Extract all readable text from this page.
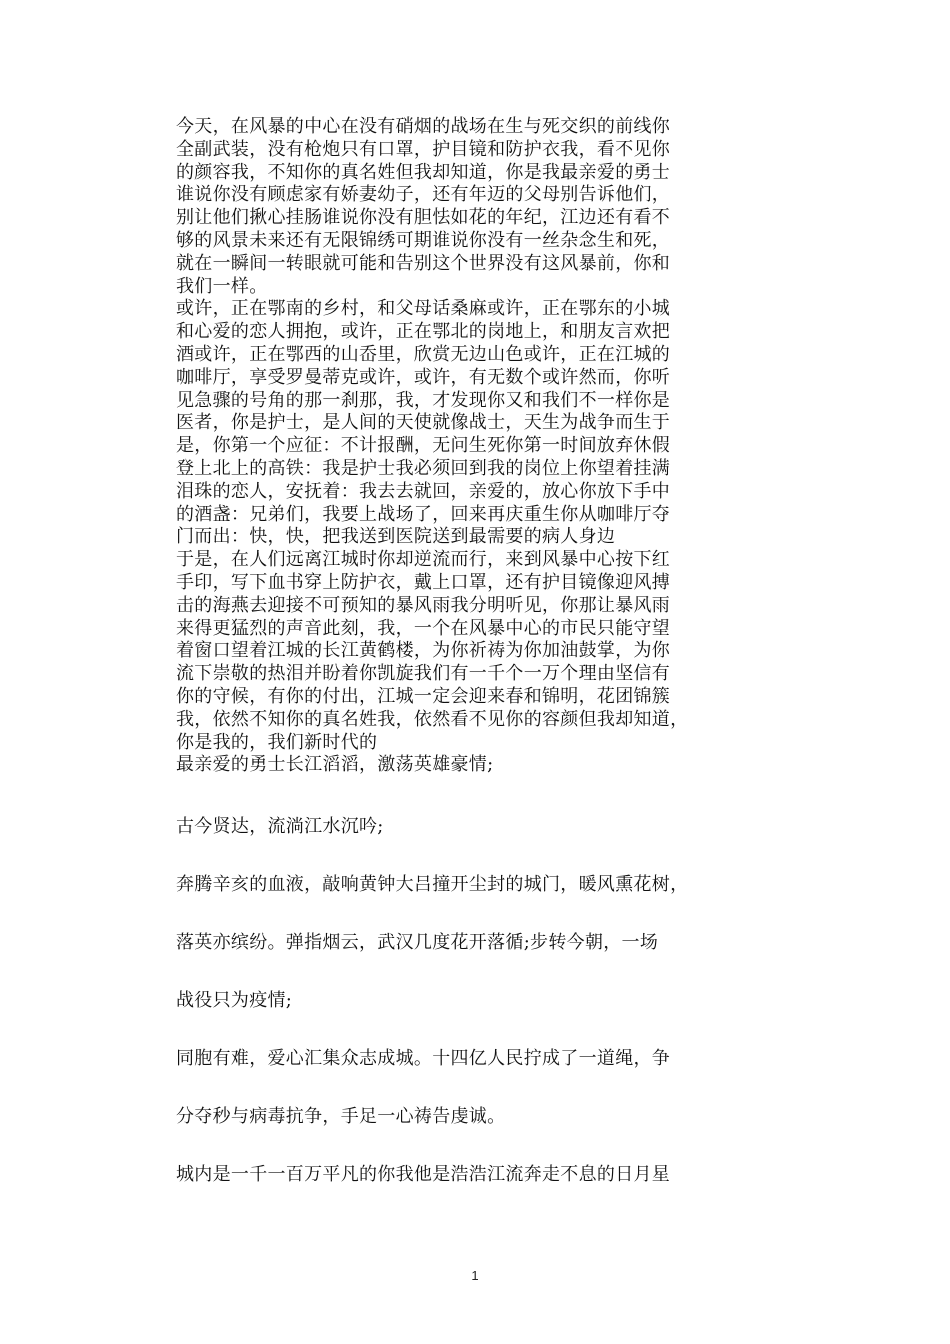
今天，在风暴的中心在没有硝烟的战场在生与死交织的前线你
全副武装，没有枪炮只有口罩，护目镜和防护衣我，看不见你
的颜容我，不知你的真名姓但我却知道，你是我最亲爱的勇士
谁说你没有顾虑家有娇妻幼子，还有年迈的父母别告诉他们，
别让他们揪心挂肠谁说你没有胆怯如花的年纪，江边还有看不
够的风景未来还有无限锦绣可期谁说你没有一丝杂念生和死，
就在一瞬间一转眼就可能和告别这个世界没有这风暴前，你和
我们一样。
或许，正在鄂南的乡村，和父母话桑麻或许，正在鄂东的小城
和心爱的恋人拥抱，或许，正在鄂北的岗地上，和朋友言欢把
酒或许，正在鄂西的山岙里，欣赏无边山色或许，正在江城的
咖啡厅，享受罗曼蒂克或许，或许，有无数个或许然而，你听
见急骤的号角的那一刹那，我，才发现你又和我们不一样你是
医者，你是护士，是人间的天使就像战士，天生为战争而生于
是，你第一个应征：不计报酬，无问生死你第一时间放弃休假
登上北上的高铁：我是护士我必须回到我的岗位上你望着挂满
泪珠的恋人，安抚着：我去去就回，亲爱的，放心你放下手中
的酒盏：兄弟们，我要上战场了，回来再庆重生你从咖啡厅夺
门而出：快，快，把我送到医院送到最需要的病人身边
于是，在人们远离江城时你却逆流而行，来到风暴中心按下红
手印，写下血书穿上防护衣，戴上口罩，还有护目镜像迎风搏
击的海燕去迎接不可预知的暴风雨我分明听见，你那让暴风雨
来得更猛烈的声音此刻，我，一个在风暴中心的市民只能守望
着窗口望着江城的长江黄鹤楼，为你祈祷为你加油鼓掌，为你
流下崇敬的热泪并盼着你凯旋我们有一千个一万个理由坚信有
你的守候，有你的付出，江城一定会迎来春和锦明，花团锦簇
我，依然不知你的真名姓我，依然看不见你的容颜但我却知道，
你是我的，我们新时代的
最亲爱的勇士长江滔滔，激荡英雄豪情;
古今贤达，流淌江水沉吟;
奔腾辛亥的血液，敲响黄钟大吕撞开尘封的城门，暖风熏花树，
落英亦缤纷。弹指烟云，武汉几度花开落循;步转今朝，一场
战役只为疫情;
同胞有难，爱心汇集众志成城。十四亿人民拧成了一道绳，争
分夺秒与病毒抗争，手足一心祷告虔诚。
城内是一千一百万平凡的你我他是浩浩江流奔走不息的日月星
1
